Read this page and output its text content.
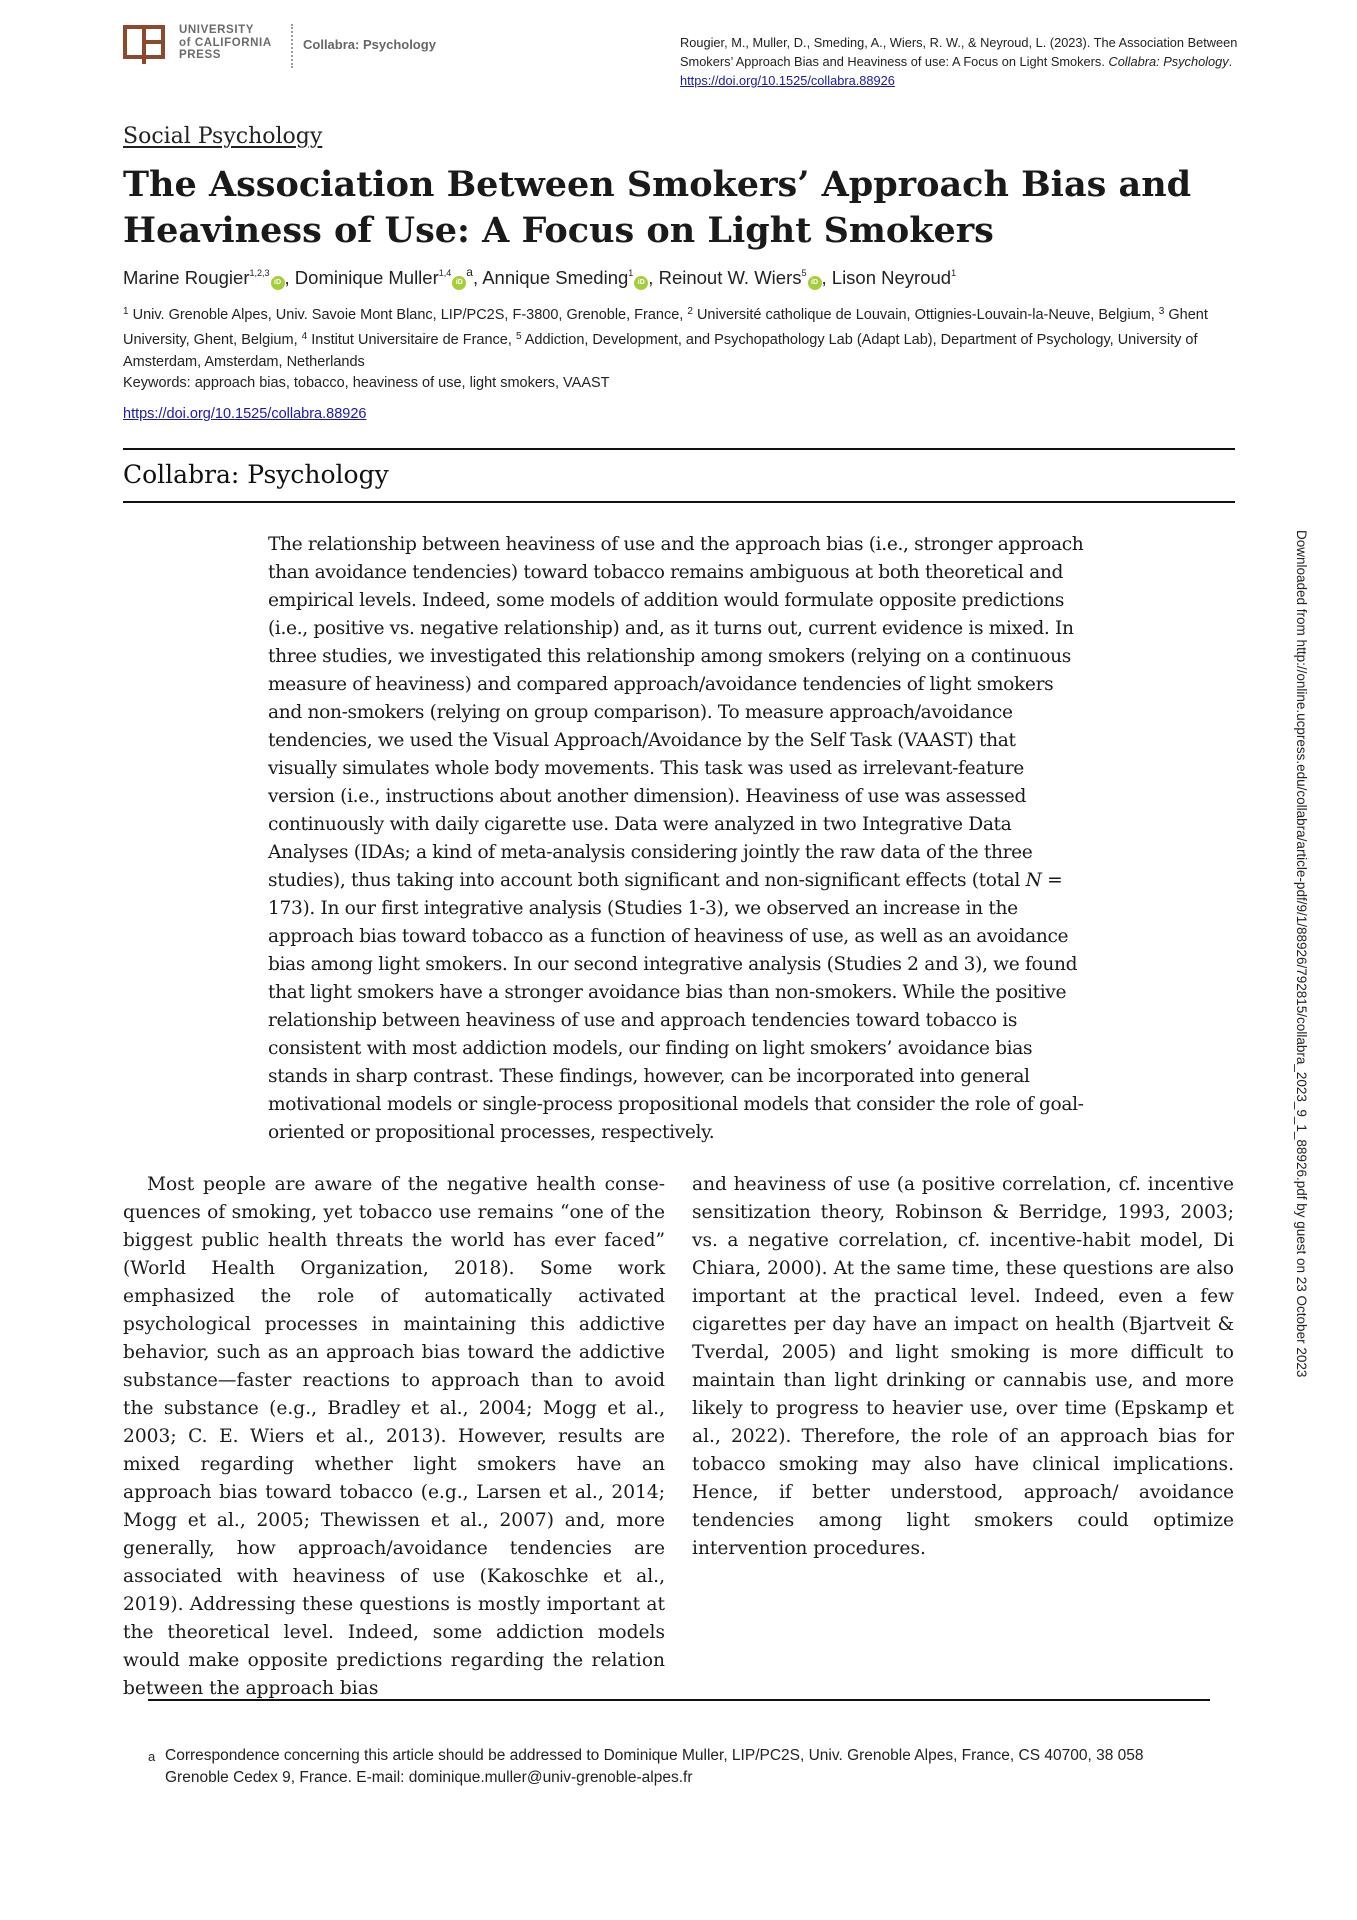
UNIVERSITY
of CALIFORNIA
PRESS
Collabra: Psychology	Rougier, M., Muller, D., Smeding, A., Wiers, R. W., & Neyroud, L. (2023). The Association Between Smokers’ Approach Bias and Heaviness of use: A Focus on Light Smokers. Collabra: Psychology. https://doi.org/10.1525/collabra.88926
Social Psychology
The Association Between Smokers’ Approach Bias and Heaviness of Use: A Focus on Light Smokers
Marine Rougier$^{1,2,3}$iD , Dominique $Muller^{1,4}iD^a$, Annique Smeding$^1$iD , Reinout W. Wiers$^5$iD , Lison Neyroud$^1$
$^1$ Univ. Grenoble Alpes, Univ. Savoie Mont Blanc, LIP/PC2S, F-3800, Grenoble, France, $^2$ Université catholique de Louvain, Ottignies-Louvain-la-Neuve, Belgium, $^3$ Ghent University, Ghent, Belgium, $^4$ Institut Universitaire de France, $^5$ Addiction, Development, and Psychopathology Lab (Adapt Lab), Department of Psychology, University of Amsterdam, Amsterdam, Netherlands
Keywords: approach bias, tobacco, heaviness of use, light smokers, VAAST
https://doi.org/10.1525/collabra.88926
Collabra: Psychology

The relationship between heaviness of use and the approach bias (i.e., stronger approach than avoidance tendencies) toward tobacco remains ambiguous at both theoretical and empirical levels. Indeed, some models of addition would formulate opposite predictions (i.e., positive vs. negative relationship) and, as it turns out, current evidence is mixed. In three studies, we investigated this relationship among smokers (relying on a continuous measure of heaviness) and compared approach/avoidance tendencies of light smokers and non-smokers (relying on group comparison). To measure approach/avoidance tendencies, we used the Visual Approach/Avoidance by the Self Task (VAAST) that visually simulates whole body movements. This task was used as irrelevant-feature version (i.e., instructions about another dimension). Heaviness of use was assessed continuously with daily cigarette use. Data were analyzed in two Integrative Data Analyses (IDAs; a kind of meta-analysis considering jointly the raw data of the three studies), thus taking into account both significant and non-significant effects (total N = 173). In our first integrative analysis (Studies 1-3), we observed an increase in the approach bias toward tobacco as a function of heaviness of use, as well as an avoidance bias among light smokers. In our second integrative analysis (Studies 2 and 3), we found that light smokers have a stronger avoidance bias than non-smokers. While the positive relationship between heaviness of use and approach tendencies toward tobacco is consistent with most addiction models, our finding on light smokers’ avoidance bias stands in sharp contrast. These findings, however, can be incorporated into general motivational models or single-process propositional models that consider the role of goal-oriented or propositional processes, respectively.

Most people are aware of the negative health consequences of smoking, yet tobacco use remains “one of the biggest public health threats the world has ever faced” (World Health Organization, 2018). Some work emphasized the role of automatically activated psychological processes in maintaining this addictive behavior, such as an approach bias toward the addictive substance—faster reactions to approach than to avoid the substance (e.g., Bradley et al., 2004; Mogg et al., 2003; C. E. Wiers et al., 2013). However, results are mixed regarding whether light smokers have an approach bias toward tobacco (e.g., Larsen et al., 2014; Mogg et al., 2005; Thewissen et al., 2007) and, more generally, how approach/avoidance tendencies are associated with heaviness of use (Kakoschke et al., 2019). Addressing these questions is mostly important at the theoretical level. Indeed, some addiction models would make opposite predictions regarding the relation between the approach bias

and heaviness of use (a positive correlation, cf. incentive sensitization theory, Robinson & Berridge, 1993, 2003; vs. a negative correlation, cf. incentive-habit model, Di Chiara, 2000). At the same time, these questions are also important at the practical level. Indeed, even a few cigarettes per day have an impact on health (Bjartveit & Tverdal, 2005) and light smoking is more difficult to maintain than light drinking or cannabis use, and more likely to progress to heavier use, over time (Epskamp et al., 2022). Therefore, the role of an approach bias for tobacco smoking may also have clinical implications. Hence, if better understood, approach/ avoidance tendencies among light smokers could optimize intervention procedures.

a Correspondence concerning this article should be addressed to Dominique Muller, LIP/PC2S, Univ. Grenoble Alpes, France, CS 40700, 38 058 Grenoble Cedex 9, France. E-mail: dominique.muller@univ-grenoble-alpes.fr
Downloaded from http://online.ucpress.edu/collabra/article-pdf/9/1/88926/792815/collabra_2023_9_1_88926.pdf by guest on 23 October 2023
